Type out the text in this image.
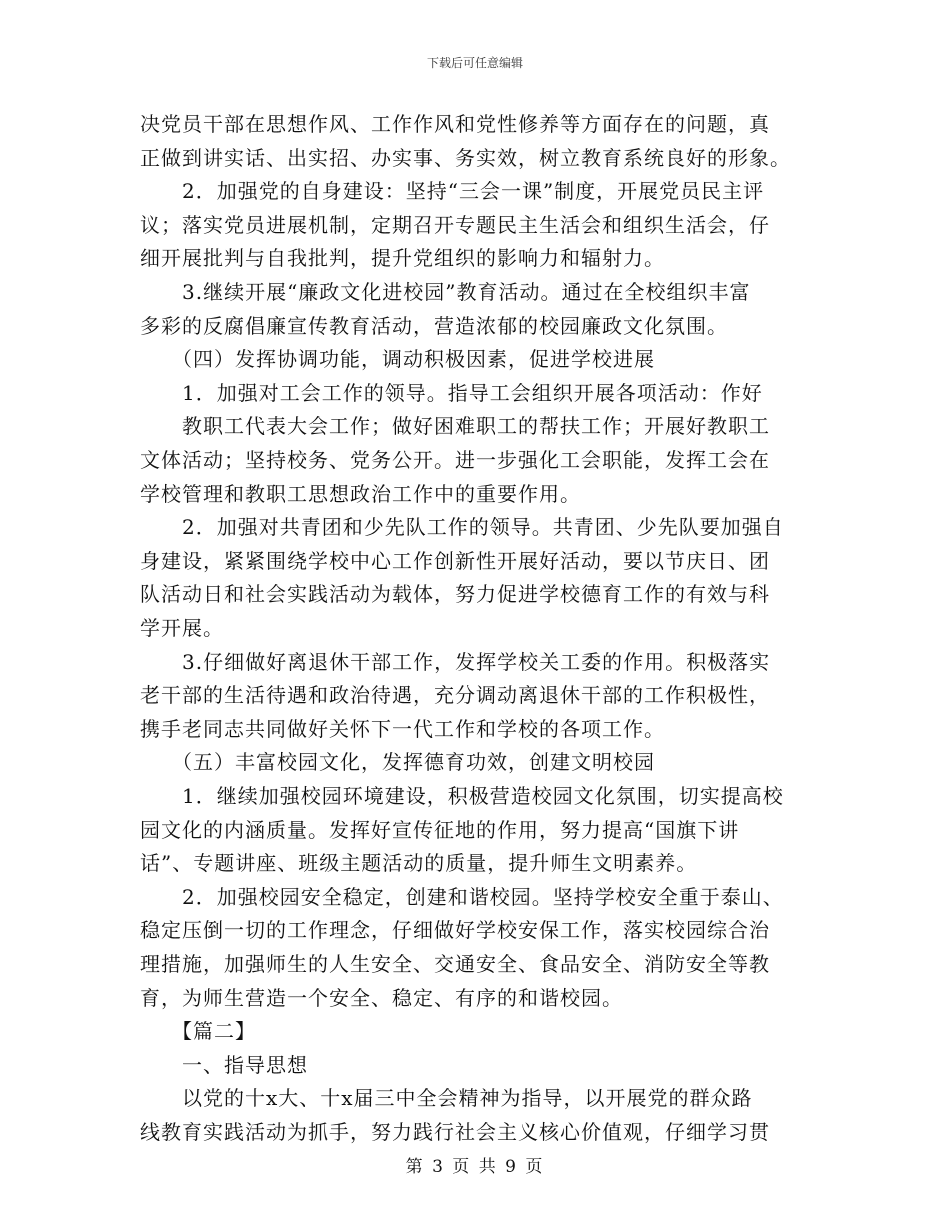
下载后可任意编辑
决党员干部在思想作风、工作作风和党性修养等方面存在的问题，真
正做到讲实话、出实招、办实事、务实效，树立教育系统良好的形象。
　　2．加强党的自身建设：坚持“三会一课”制度，开展党员民主评
议；落实党员进展机制，定期召开专题民主生活会和组织生活会，仔
细开展批判与自我批判，提升党组织的影响力和辐射力。
　　3.继续开展“廉政文化进校园”教育活动。通过在全校组织丰富
多彩的反腐倡廉宣传教育活动，营造浓郁的校园廉政文化氛围。
　　（四）发挥协调功能，调动积极因素，促进学校进展
　　1．加强对工会工作的领导。指导工会组织开展各项活动：作好
　　教职工代表大会工作；做好困难职工的帮扶工作；开展好教职工
文体活动；坚持校务、党务公开。进一步强化工会职能，发挥工会在
学校管理和教职工思想政治工作中的重要作用。
　　2．加强对共青团和少先队工作的领导。共青团、少先队要加强自
身建设，紧紧围绕学校中心工作创新性开展好活动，要以节庆日、团
队活动日和社会实践活动为载体，努力促进学校德育工作的有效与科
学开展。
　　3.仔细做好离退休干部工作，发挥学校关工委的作用。积极落实
老干部的生活待遇和政治待遇，充分调动离退休干部的工作积极性，
携手老同志共同做好关怀下一代工作和学校的各项工作。
　　（五）丰富校园文化，发挥德育功效，创建文明校园
　　1．继续加强校园环境建设，积极营造校园文化氛围，切实提高校
园文化的内涵质量。发挥好宣传征地的作用，努力提高“国旗下讲
话”、专题讲座、班级主题活动的质量，提升师生文明素养。
　　2．加强校园安全稳定，创建和谐校园。坚持学校安全重于泰山、
稳定压倒一切的工作理念，仔细做好学校安保工作，落实校园综合治
理措施，加强师生的人生安全、交通安全、食品安全、消防安全等教
育，为师生营造一个安全、稳定、有序的和谐校园。
　　【篇二】
　　一、指导思想
　　以党的十x大、十x届三中全会精神为指导，以开展党的群众路
线教育实践活动为抓手，努力践行社会主义核心价值观，仔细学习贯
第 3 页 共 9 页
